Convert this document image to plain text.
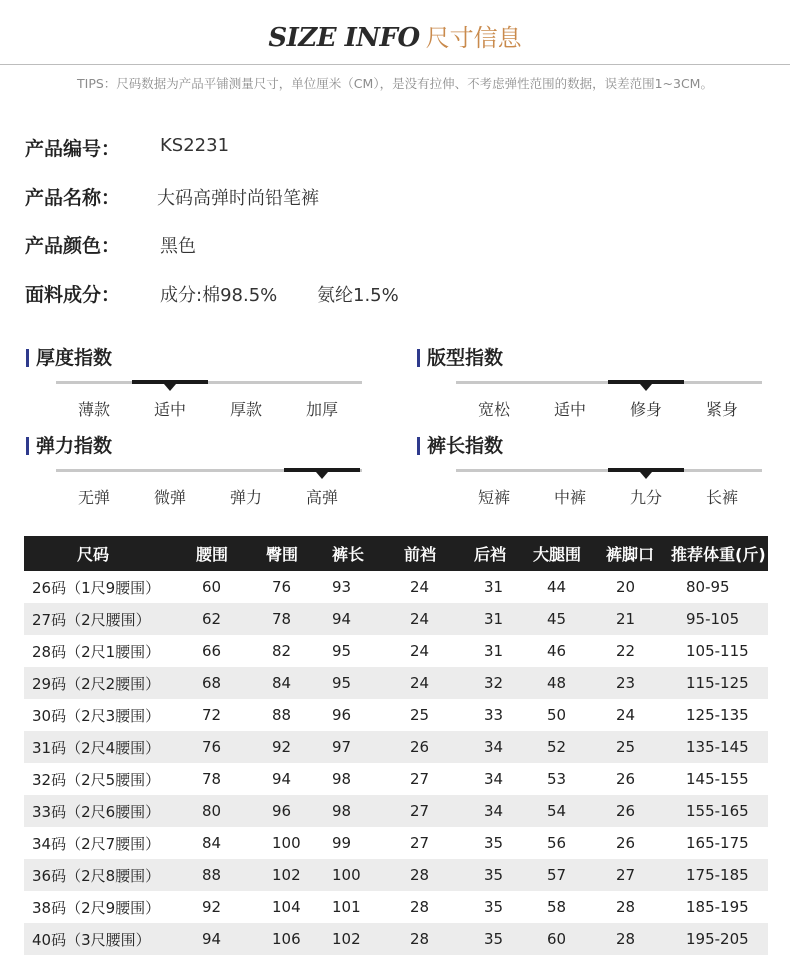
SIZE INFO 尺寸信息
TIPS：尺码数据为产品平铺测量尺寸，单位厘米（CM），是没有拉伸、不考虑弹性范围的数据，误差范围1~3CM。
产品编号： KS2231
产品名称： 大码高弹时尚铅笔裤
产品颜色： 黑色
面料成分： 成分:棉98.5% 氨纶1.5%
厚度指数
薄款	适中	厚款	加厚
版型指数
宽松	适中	修身	紧身
弹力指数
无弹	微弹	弹力	高弹
裤长指数
短裤	中裤	九分	长裤
尺码	腰围	臀围	裤长	前裆	后裆	大腿围	裤脚口	推荐体重(斤)
26码（1尺9腰围）	60	76	93	24	31	44	20	80-95
27码（2尺腰围）	62	78	94	24	31	45	21	95-105
28码（2尺1腰围）	66	82	95	24	31	46	22	105-115
29码（2尺2腰围）	68	84	95	24	32	48	23	115-125
30码（2尺3腰围）	72	88	96	25	33	50	24	125-135
31码（2尺4腰围）	76	92	97	26	34	52	25	135-145
32码（2尺5腰围）	78	94	98	27	34	53	26	145-155
33码（2尺6腰围）	80	96	98	27	34	54	26	155-165
34码（2尺7腰围）	84	100	99	27	35	56	26	165-175
36码（2尺8腰围）	88	102	100	28	35	57	27	175-185
38码（2尺9腰围）	92	104	101	28	35	58	28	185-195
40码（3尺腰围）	94	106	102	28	35	60	28	195-205
